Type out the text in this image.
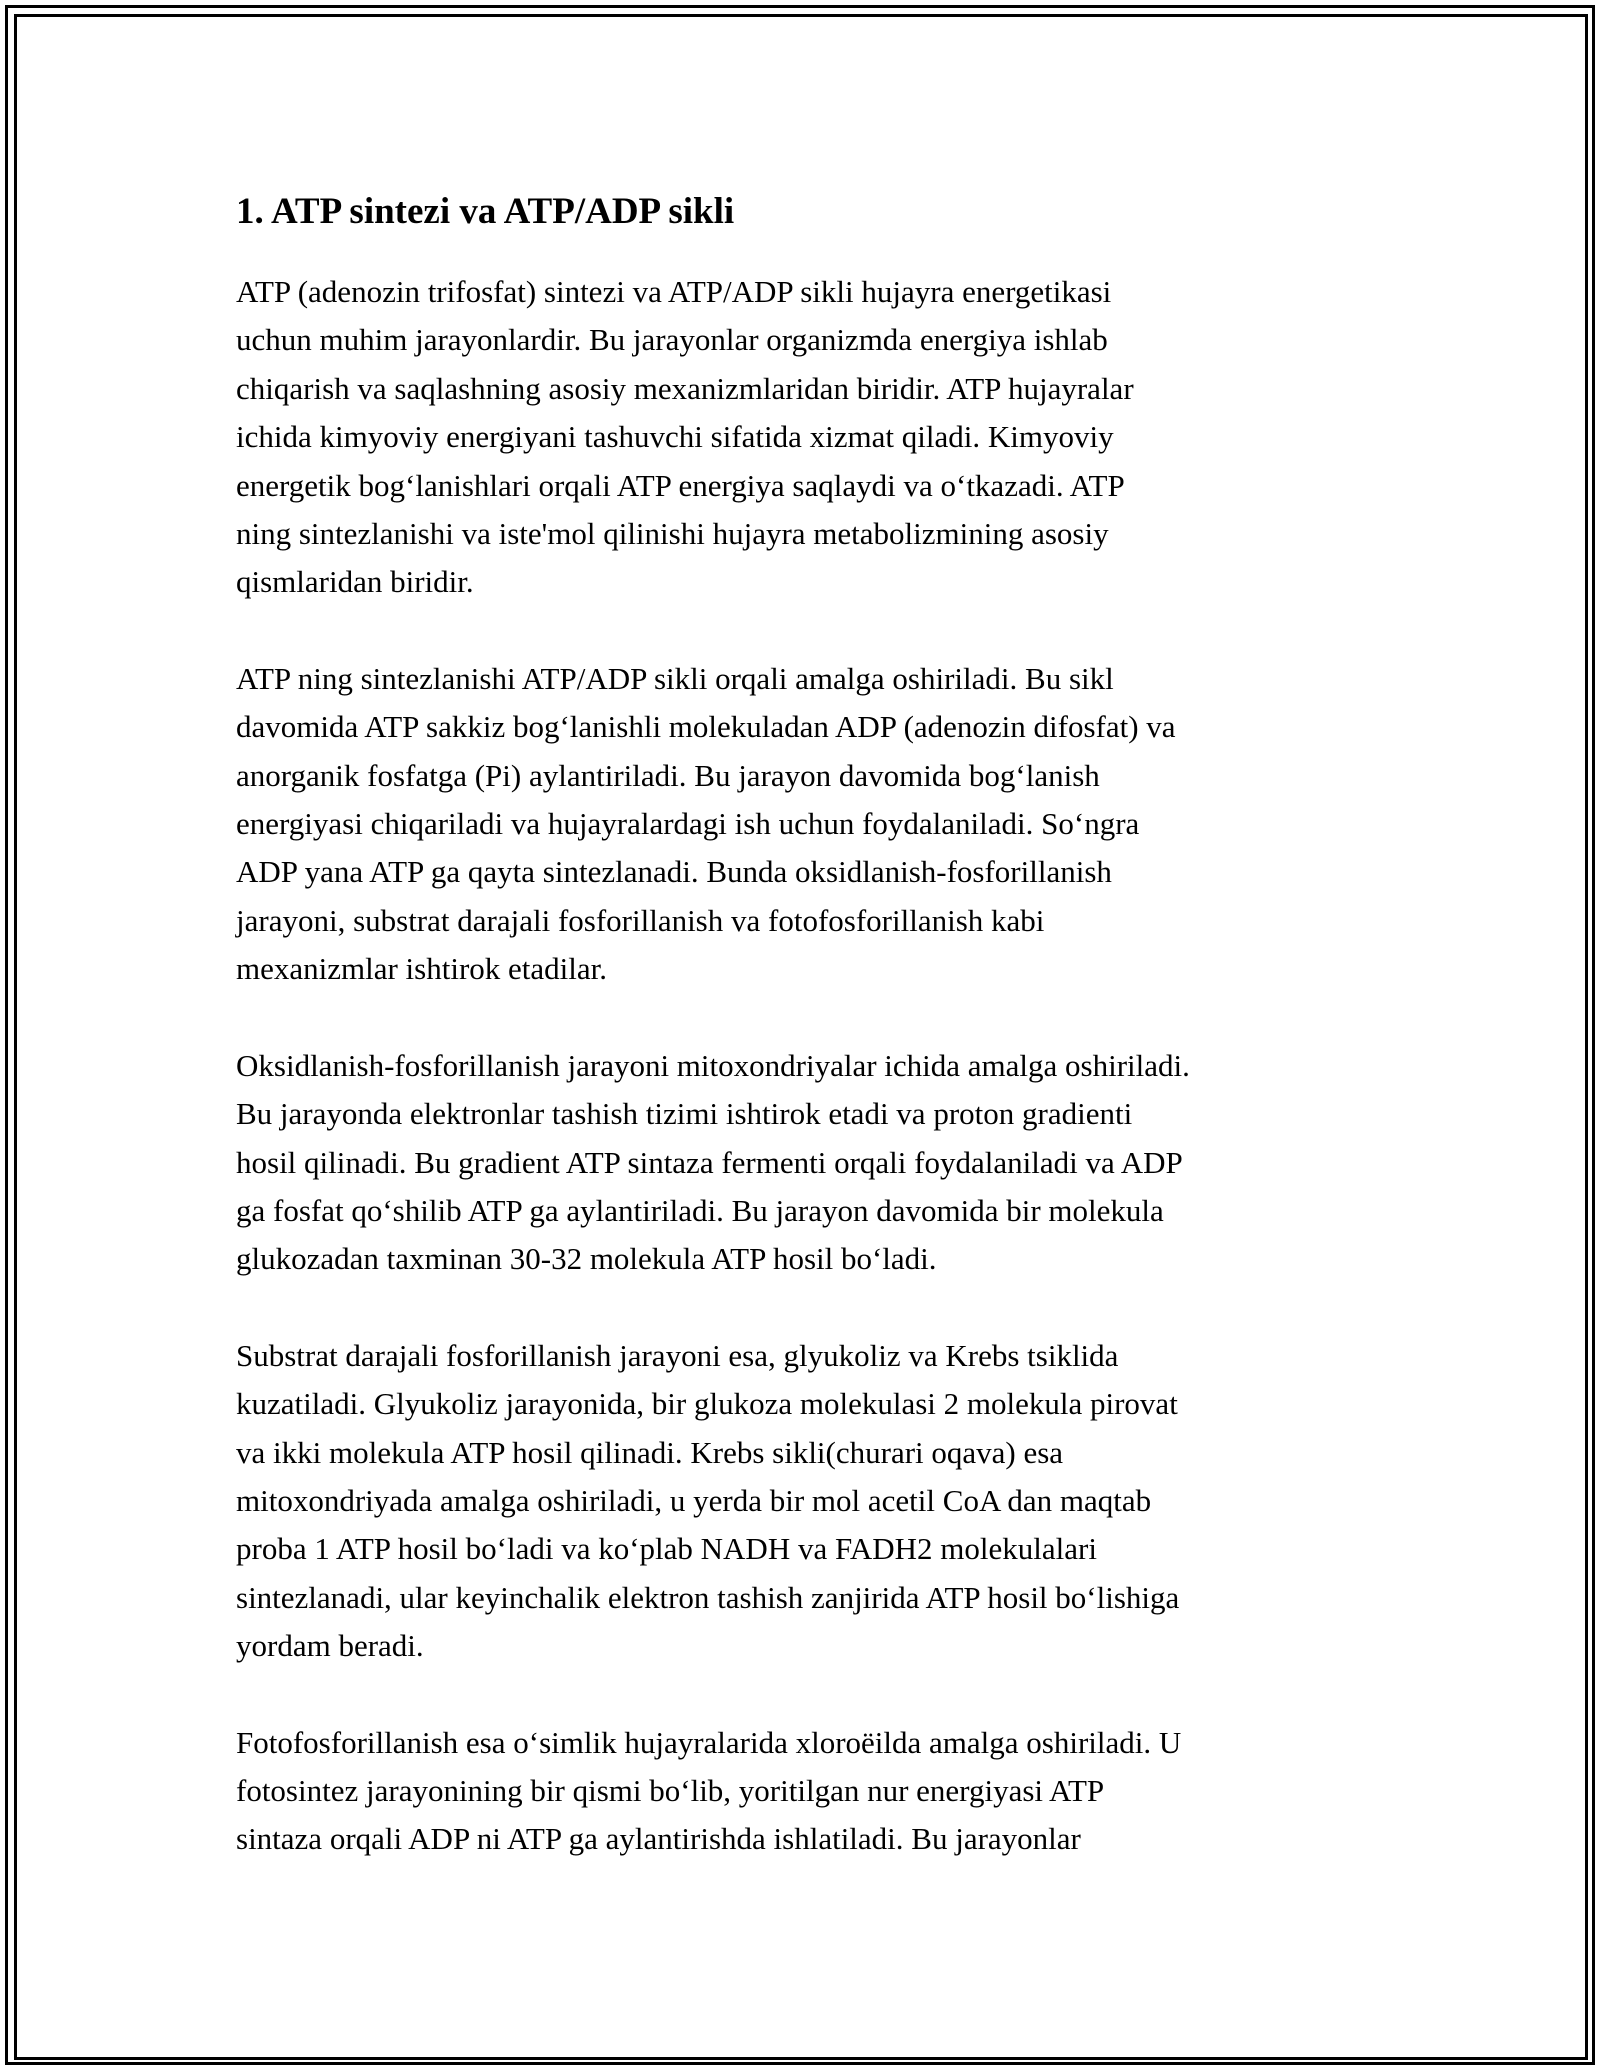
1. ATP sintezi va ATP/ADP sikli

ATP (adenozin trifosfat) sintezi va ATP/ADP sikli hujayra energetikasi
uchun muhim jarayonlardir. Bu jarayonlar organizmda energiya ishlab
chiqarish va saqlashning asosiy mexanizmlaridan biridir. ATP hujayralar
ichida kimyoviy energiyani tashuvchi sifatida xizmat qiladi. Kimyoviy
energetik bog‘lanishlari orqali ATP energiya saqlaydi va o‘tkazadi. ATP
ning sintezlanishi va iste'mol qilinishi hujayra metabolizmining asosiy
qismlaridan biridir.

ATP ning sintezlanishi ATP/ADP sikli orqali amalga oshiriladi. Bu sikl
davomida ATP sakkiz bog‘lanishli molekuladan ADP (adenozin difosfat) va
anorganik fosfatga (Pi) aylantiriladi. Bu jarayon davomida bog‘lanish
energiyasi chiqariladi va hujayralardagi ish uchun foydalaniladi. So‘ngra
ADP yana ATP ga qayta sintezlanadi. Bunda oksidlanish-fosforillanish
jarayoni, substrat darajali fosforillanish va fotofosforillanish kabi
mexanizmlar ishtirok etadilar.

Oksidlanish-fosforillanish jarayoni mitoxondriyalar ichida amalga oshiriladi.
Bu jarayonda elektronlar tashish tizimi ishtirok etadi va proton gradienti
hosil qilinadi. Bu gradient ATP sintaza fermenti orqali foydalaniladi va ADP
ga fosfat qo‘shilib ATP ga aylantiriladi. Bu jarayon davomida bir molekula
glukozadan taxminan 30-32 molekula ATP hosil bo‘ladi.

Substrat darajali fosforillanish jarayoni esa, glyukoliz va Krebs tsiklida
kuzatiladi. Glyukoliz jarayonida, bir glukoza molekulasi 2 molekula pirovat
va ikki molekula ATP hosil qilinadi. Krebs sikli(churari oqava) esa
mitoxondriyada amalga oshiriladi, u yerda bir mol acetil CoA dan maqtab
proba 1 ATP hosil bo‘ladi va ko‘plab NADH va FADH2 molekulalari
sintezlanadi, ular keyinchalik elektron tashish zanjirida ATP hosil bo‘lishiga
yordam beradi.

Fotofosforillanish esa o‘simlik hujayralarida xloroëilda amalga oshiriladi. U
fotosintez jarayonining bir qismi bo‘lib, yoritilgan nur energiyasi ATP
sintaza orqali ADP ni ATP ga aylantirishda ishlatiladi. Bu jarayonlar
